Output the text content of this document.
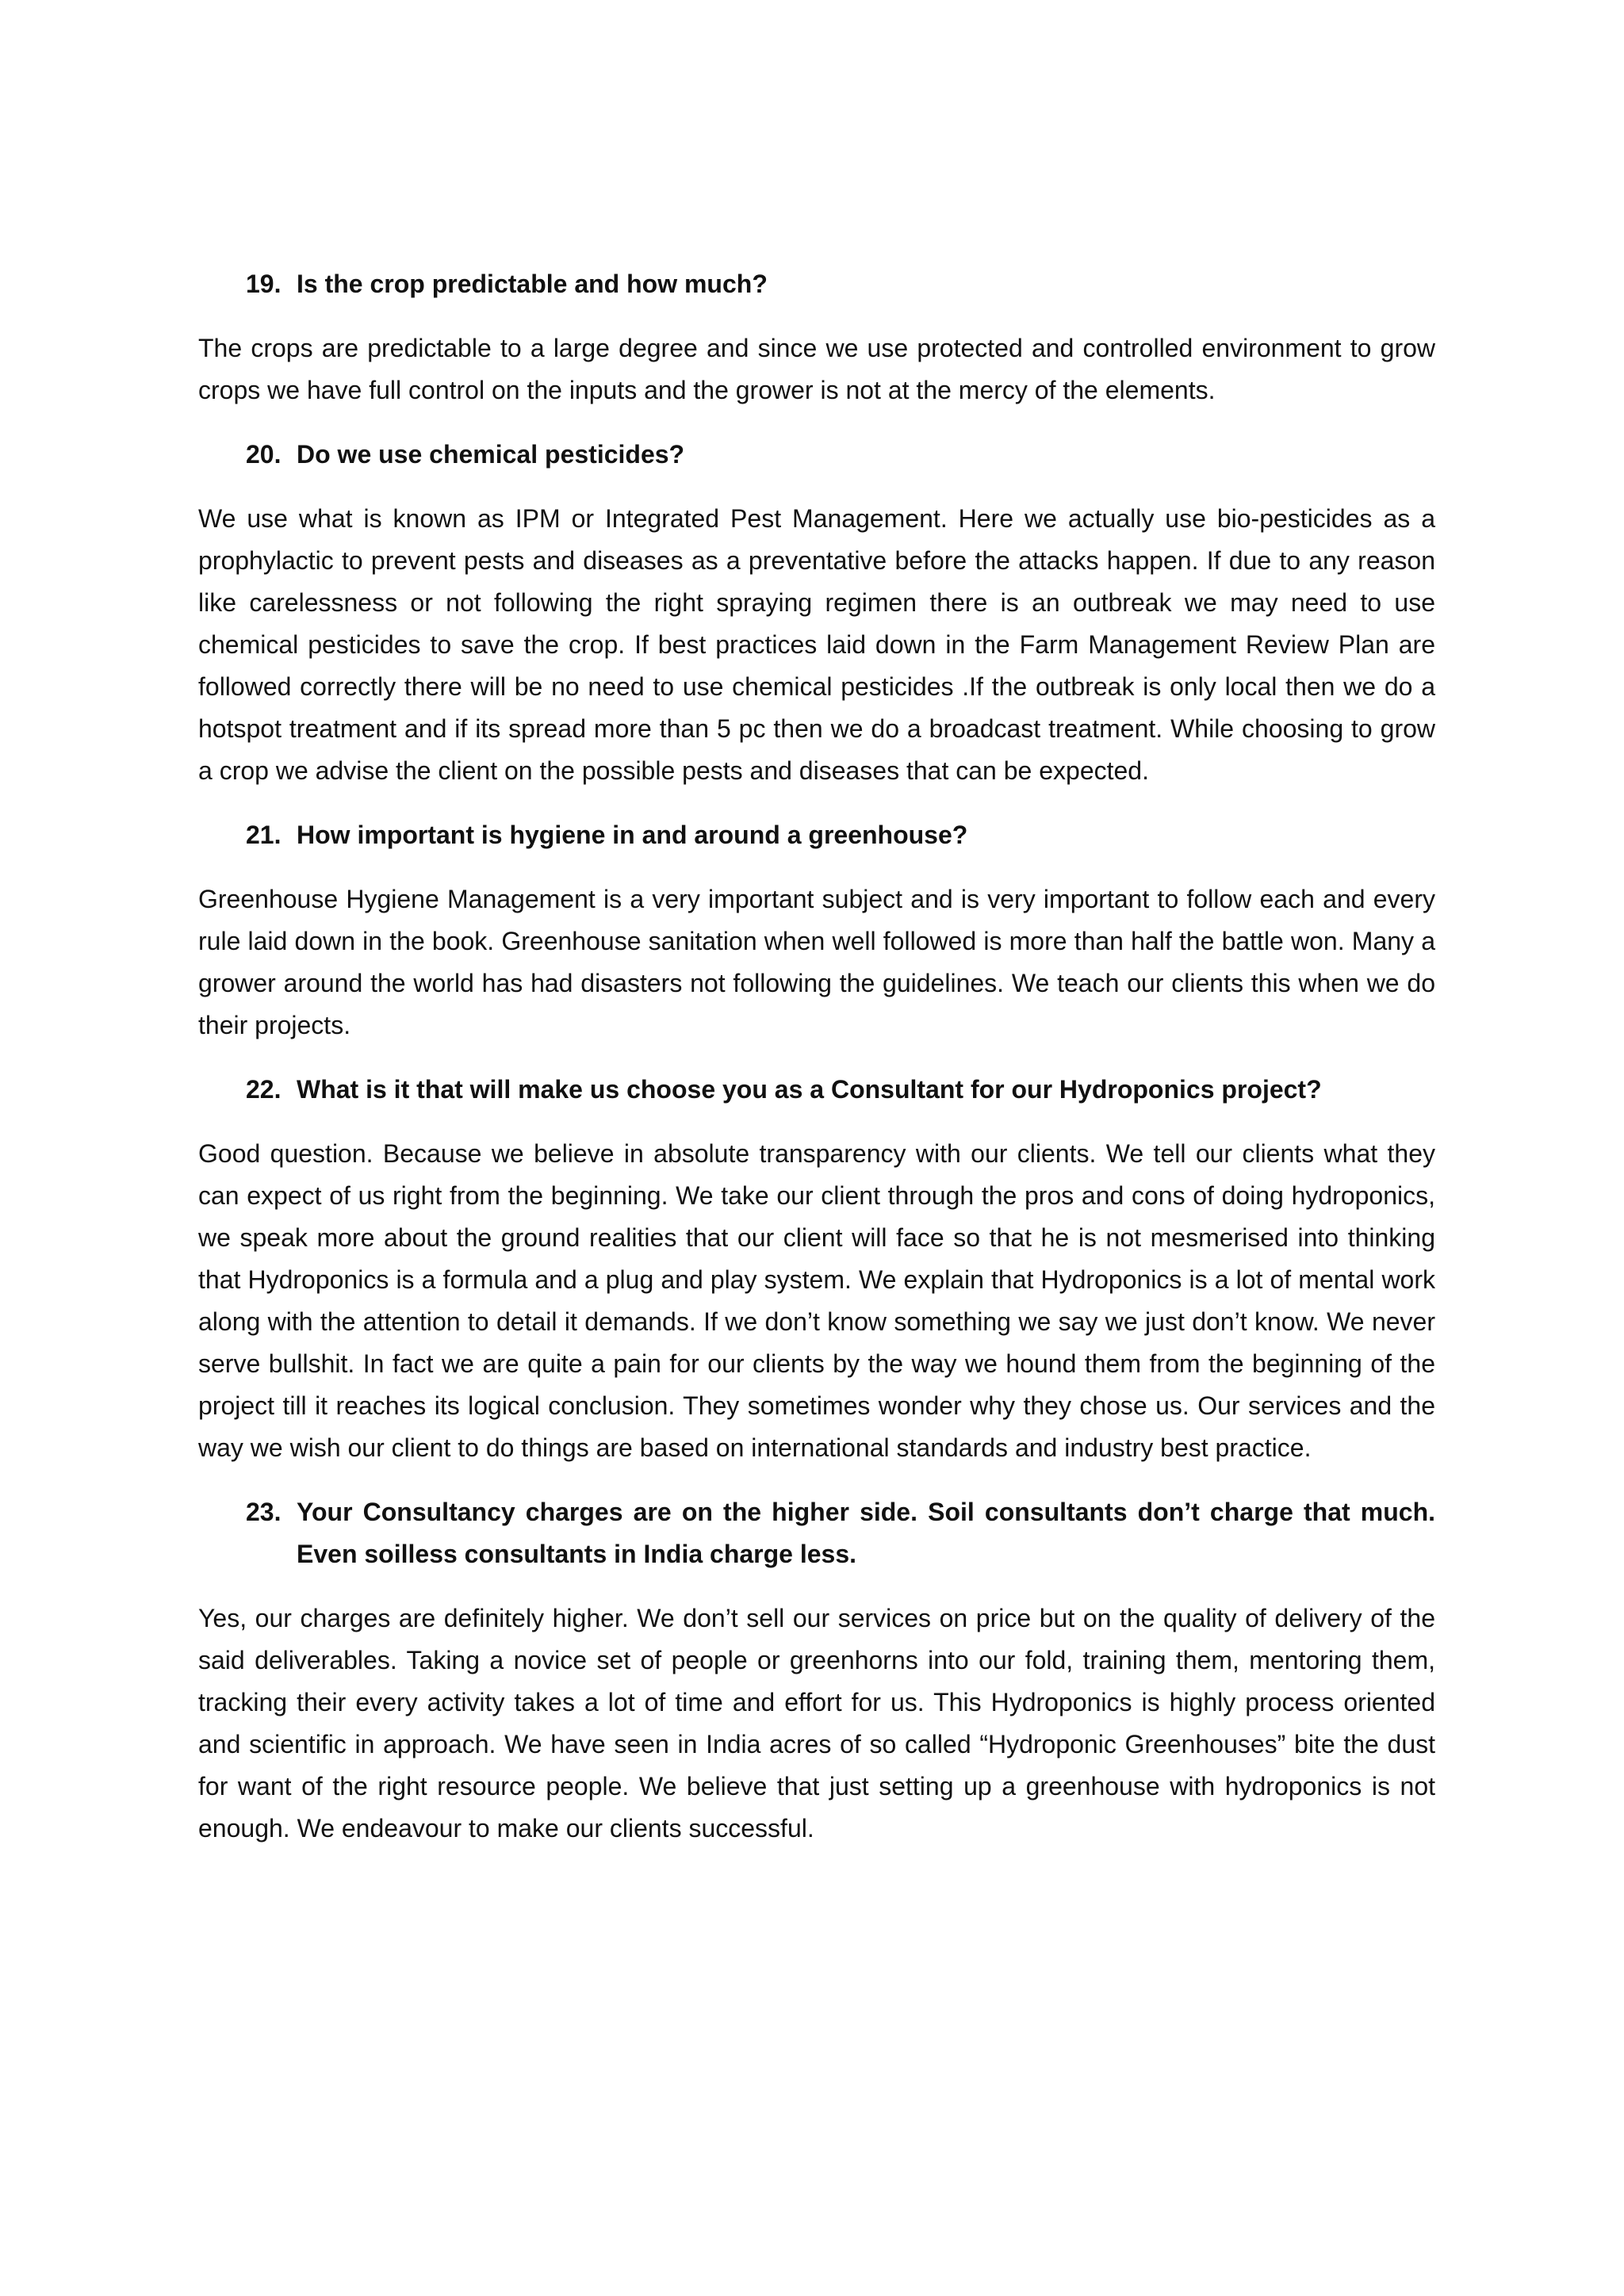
19. Is the crop predictable and how much?

The crops are predictable to a large degree and since we use protected and controlled environment to grow crops we have full control on the inputs and the grower is not at the mercy of the elements.

20. Do we use chemical pesticides?

We use what is known as IPM or Integrated Pest Management. Here we actually use bio-pesticides as a prophylactic to prevent pests and diseases as a preventative before the attacks happen. If due to any reason like carelessness or not following the right spraying regimen there is an outbreak we may need to use chemical pesticides to save the crop. If best practices laid down in the Farm Management Review Plan are followed correctly there will be no need to use chemical pesticides .If the outbreak is only local then we do a hotspot treatment and if its spread more than 5 pc then we do a broadcast treatment. While choosing to grow a crop we advise the client on the possible pests and diseases that can be expected.

21. How important is hygiene in and around a greenhouse?

Greenhouse Hygiene Management is a very important subject and is very important to follow each and every rule laid down in the book. Greenhouse sanitation when well followed is more than half the battle won. Many a grower around the world has had disasters not following the guidelines. We teach our clients this when we do their projects.

22. What is it that will make us choose you as a Consultant for our Hydroponics project?

Good question. Because we believe in absolute transparency with our clients. We tell our clients what they can expect of us right from the beginning. We take our client through the pros and cons of doing hydroponics, we speak more about the ground realities that our client will face so that he is not mesmerised into thinking that Hydroponics is a formula and a plug and play system. We explain that Hydroponics is a lot of mental work along with the attention to detail it demands. If we don’t know something we say we just don’t know. We never serve bullshit. In fact we are quite a pain for our clients by the way we hound them from the beginning of the project till it reaches its logical conclusion. They sometimes wonder why they chose us. Our services and the way we wish our client to do things are based on international standards and industry best practice.

23. Your Consultancy charges are on the higher side. Soil consultants don’t charge that much. Even soilless consultants in India charge less.

Yes, our charges are definitely higher. We don’t sell our services on price but on the quality of delivery of the said deliverables. Taking a novice set of people or greenhorns into our fold, training them, mentoring them, tracking their every activity takes a lot of time and effort for us. This Hydroponics is highly process oriented and scientific in approach. We have seen in India acres of so called “Hydroponic Greenhouses” bite the dust for want of the right resource people. We believe that just setting up a greenhouse with hydroponics is not enough. We endeavour to make our clients successful.
